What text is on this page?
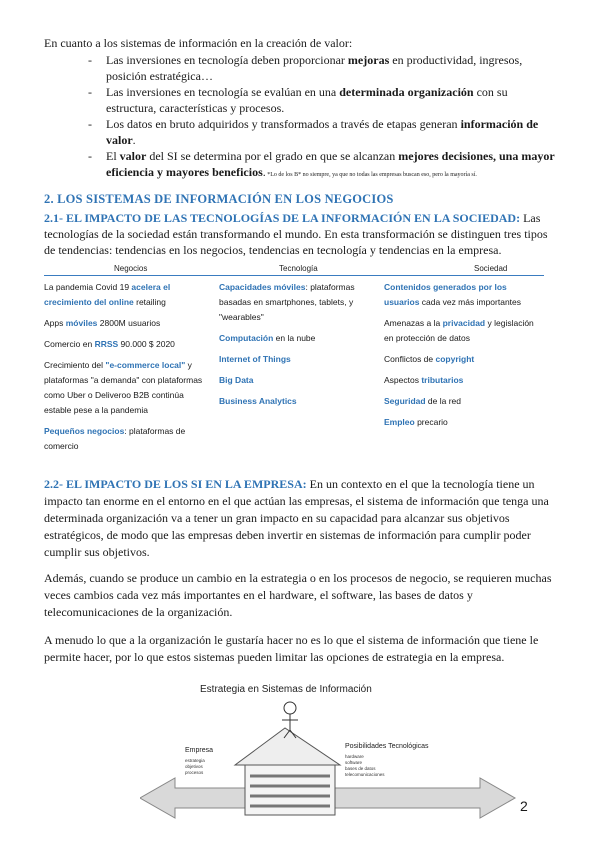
En cuanto a los sistemas de información en la creación de valor:

- Las inversiones en tecnología deben proporcionar mejoras en productividad, ingresos, posición estratégica…
- Las inversiones en tecnología se evalúan en una determinada organización con su estructura, características y procesos.
- Los datos en bruto adquiridos y transformados a través de etapas generan información de valor.
- El valor del SI se determina por el grado en que se alcanzan mejores decisiones, una mayor eficiencia y mayores beneficios. *Lo de los B* no siempre, ya que no todas las empresas buscan eso, pero la mayoría sí.
2. LOS SISTEMAS DE INFORMACIÓN EN LOS NEGOCIOS

2.1- EL IMPACTO DE LAS TECNOLOGÍAS DE LA INFORMACIÓN EN LA SOCIEDAD: Las tecnologías de la sociedad están transformando el mundo. En esta transformación se distinguen tres tipos de tendencias: tendencias en los negocios, tendencias en tecnología y tendencias en la empresa.

Negocios	Tecnología	Sociedad
La pandemia Covid 19 acelera el crecimiento del online retailing
Apps móviles 2800M usuarios
Comercio en RRSS 90.000 $ 2020
Crecimiento del "e-commerce local" y plataformas "a demanda" con plataformas como Uber o Deliveroo B2B continúa estable pese a la pandemia
Pequeños negocios: plataformas de comercio
Capacidades móviles: plataformas basadas en smartphones, tablets, y "wearables"
Computación en la nube
Internet of Things
Big Data
Business Analytics
Contenidos generados por los usuarios cada vez más importantes
Amenazas a la privacidad y legislación en protección de datos
Conflictos de copyright
Aspectos tributarios
Seguridad de la red
Empleo precario

2.2- EL IMPACTO DE LOS SI EN LA EMPRESA: En un contexto en el que la tecnología tiene un impacto tan enorme en el entorno en el que actúan las empresas, el sistema de información que tenga una determinada organización va a tener un gran impacto en su capacidad para alcanzar sus objetivos estratégicos, de modo que las empresas deben invertir en sistemas de información para cumplir poder cumplir sus objetivos.

Además, cuando se produce un cambio en la estrategia o en los procesos de negocio, se requieren muchas veces cambios cada vez más importantes en el hardware, el software, las bases de datos y telecomunicaciones de la organización.

A menudo lo que a la organización le gustaría hacer no es lo que el sistema de información que tiene le permite hacer, por lo que estos sistemas pueden limitar las opciones de estrategia en la empresa.

Estrategia en Sistemas de Información
Empresa
estrategia
objetivos
procesos
Posibilidades Tecnológicas
hardware
software
bases de datos
telecomunicaciones
2
